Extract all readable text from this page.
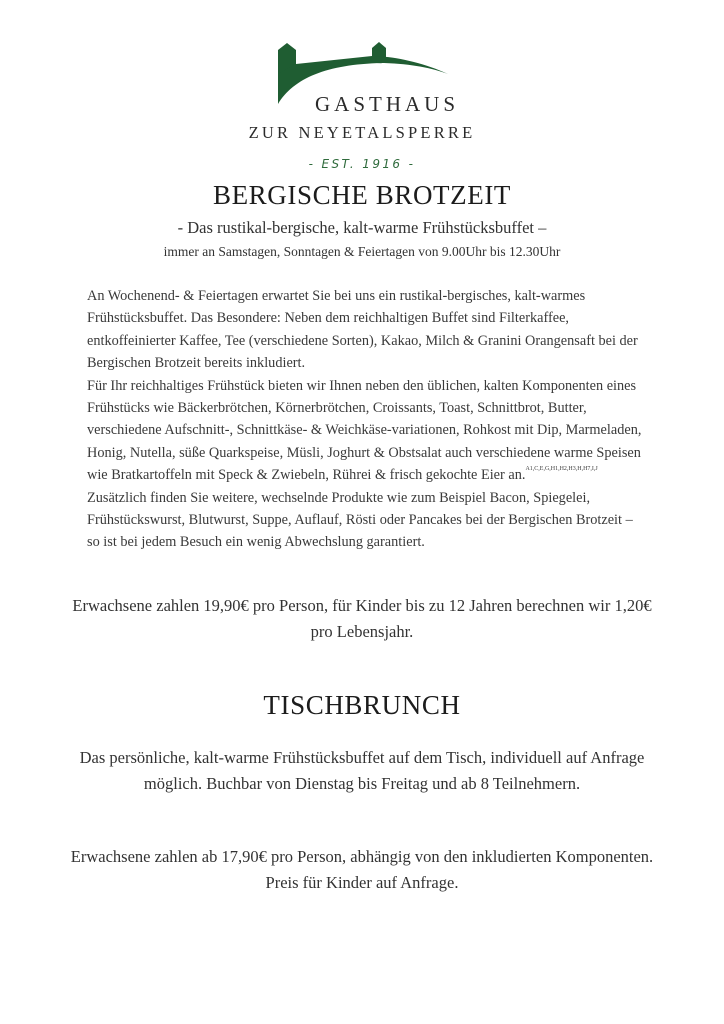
GASTHAUS
ZUR NEYETALSPERRE
- EST. 1916 -
BERGISCHE BROTZEIT
- Das rustikal-bergische, kalt-warme Frühstücksbuffet –
immer an Samstagen, Sonntagen & Feiertagen von 9.00Uhr bis 12.30Uhr

An Wochenend- & Feiertagen erwartet Sie bei uns ein rustikal-bergisches, kalt-warmes Frühstücksbuffet. Das Besondere: Neben dem reichhaltigen Buffet sind Filterkaffee, entkoffeinierter Kaffee, Tee (verschiedene Sorten), Kakao, Milch & Granini Orangensaft bei der Bergischen Brotzeit bereits inkludiert.

Für Ihr reichhaltiges Frühstück bieten wir Ihnen neben den üblichen, kalten Komponenten eines Frühstücks wie Bäckerbrötchen, Körnerbrötchen, Croissants, Toast, Schnittbrot, Butter, verschiedene Aufschnitt-, Schnittkäse- & Weichkäse-variationen, Rohkost mit Dip, Marmeladen, Honig, Nutella, süße Quarkspeise, Müsli, Joghurt & Obstsalat auch verschiedene warme Speisen wie Bratkartoffeln mit Speck & Zwiebeln, Rührei & frisch gekochte Eier an.$^{A1,C,E,G,H1,H2,H3,H,H7,I,J}$

Zusätzlich finden Sie weitere, wechselnde Produkte wie zum Beispiel Bacon, Spiegelei, Frühstückswurst, Blutwurst, Suppe, Auflauf, Rösti oder Pancakes bei der Bergischen Brotzeit – so ist bei jedem Besuch ein wenig Abwechslung garantiert.

Erwachsene zahlen 19,90€ pro Person, für Kinder bis zu 12 Jahren berechnen wir 1,20€ pro Lebensjahr.
TISCHBRUNCH
Das persönliche, kalt-warme Frühstücksbuffet auf dem Tisch, individuell auf Anfrage möglich. Buchbar von Dienstag bis Freitag und ab 8 Teilnehmern.
Erwachsene zahlen ab 17,90€ pro Person, abhängig von den inkludierten Komponenten. Preis für Kinder auf Anfrage.
